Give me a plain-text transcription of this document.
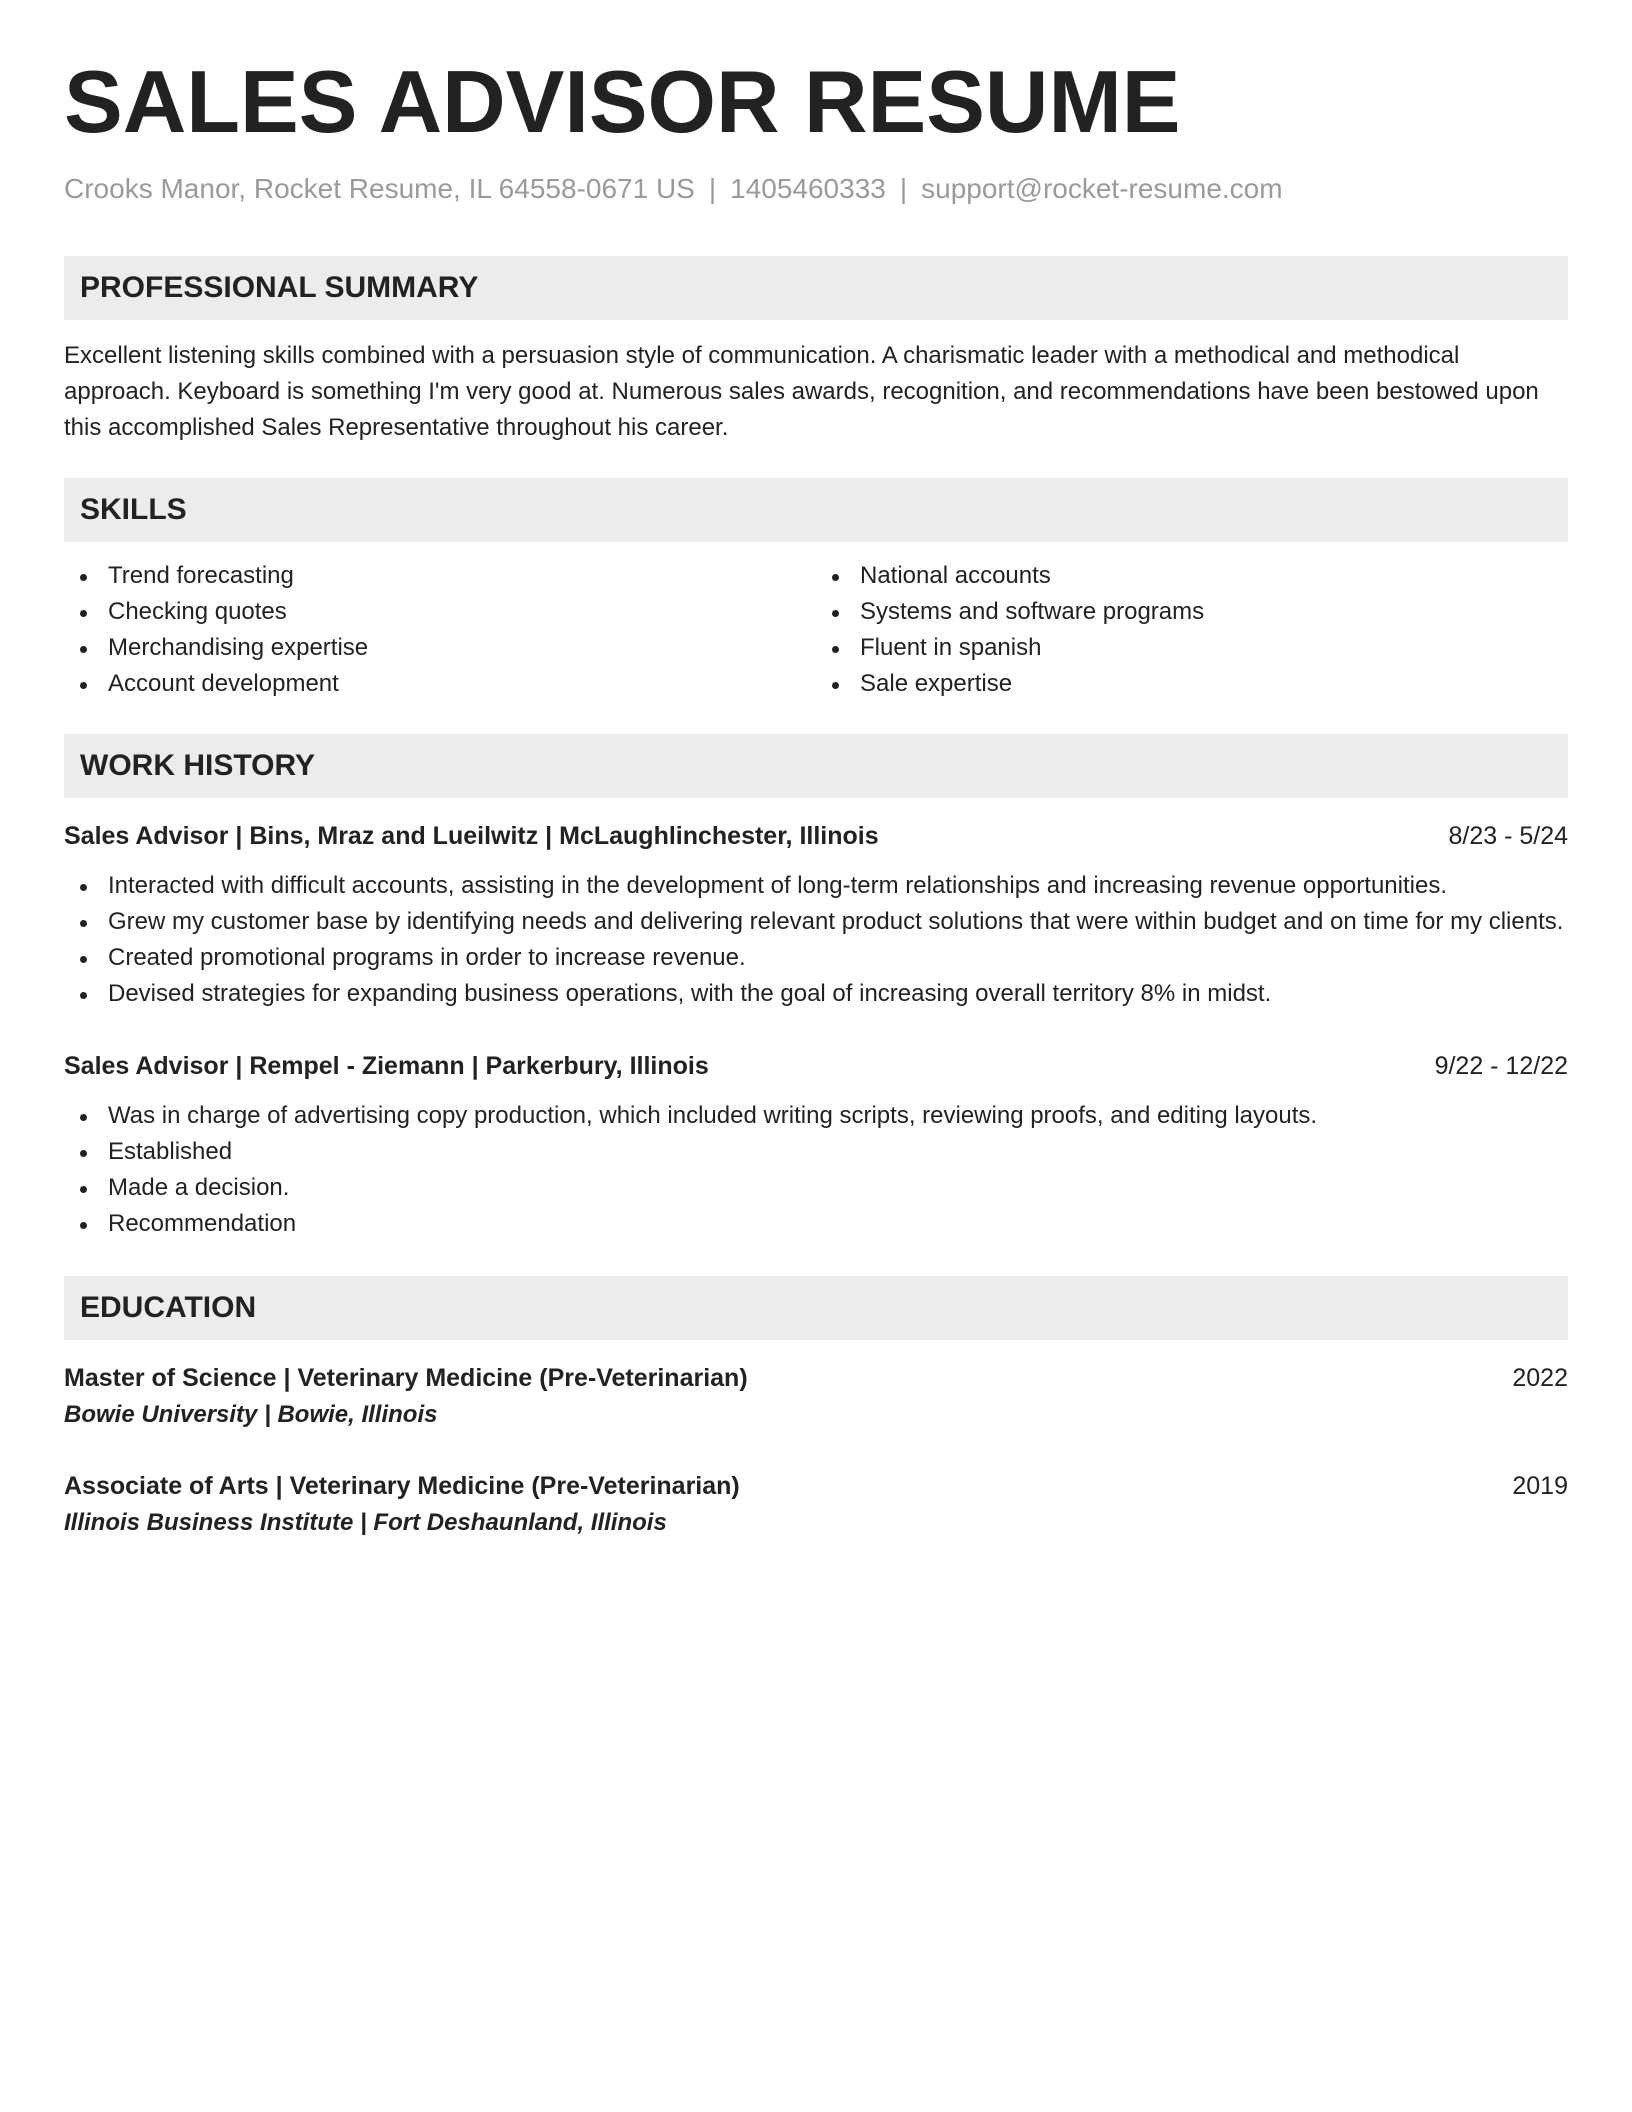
SALES ADVISOR RESUME
Crooks Manor, Rocket Resume, IL 64558-0671 US | 1405460333 | support@rocket-resume.com
PROFESSIONAL SUMMARY
Excellent listening skills combined with a persuasion style of communication. A charismatic leader with a methodical and methodical approach. Keyboard is something I'm very good at. Numerous sales awards, recognition, and recommendations have been bestowed upon this accomplished Sales Representative throughout his career.
SKILLS
Trend forecasting
Checking quotes
Merchandising expertise
Account development
National accounts
Systems and software programs
Fluent in spanish
Sale expertise
WORK HISTORY
Sales Advisor | Bins, Mraz and Lueilwitz | McLaughlinchester, Illinois	8/23 - 5/24
Interacted with difficult accounts, assisting in the development of long-term relationships and increasing revenue opportunities.
Grew my customer base by identifying needs and delivering relevant product solutions that were within budget and on time for my clients.
Created promotional programs in order to increase revenue.
Devised strategies for expanding business operations, with the goal of increasing overall territory 8% in midst.
Sales Advisor | Rempel - Ziemann | Parkerbury, Illinois	9/22 - 12/22
Was in charge of advertising copy production, which included writing scripts, reviewing proofs, and editing layouts.
Established
Made a decision.
Recommendation
EDUCATION
Master of Science | Veterinary Medicine (Pre-Veterinarian)	2022
Bowie University | Bowie, Illinois
Associate of Arts | Veterinary Medicine (Pre-Veterinarian)	2019
Illinois Business Institute | Fort Deshaunland, Illinois
